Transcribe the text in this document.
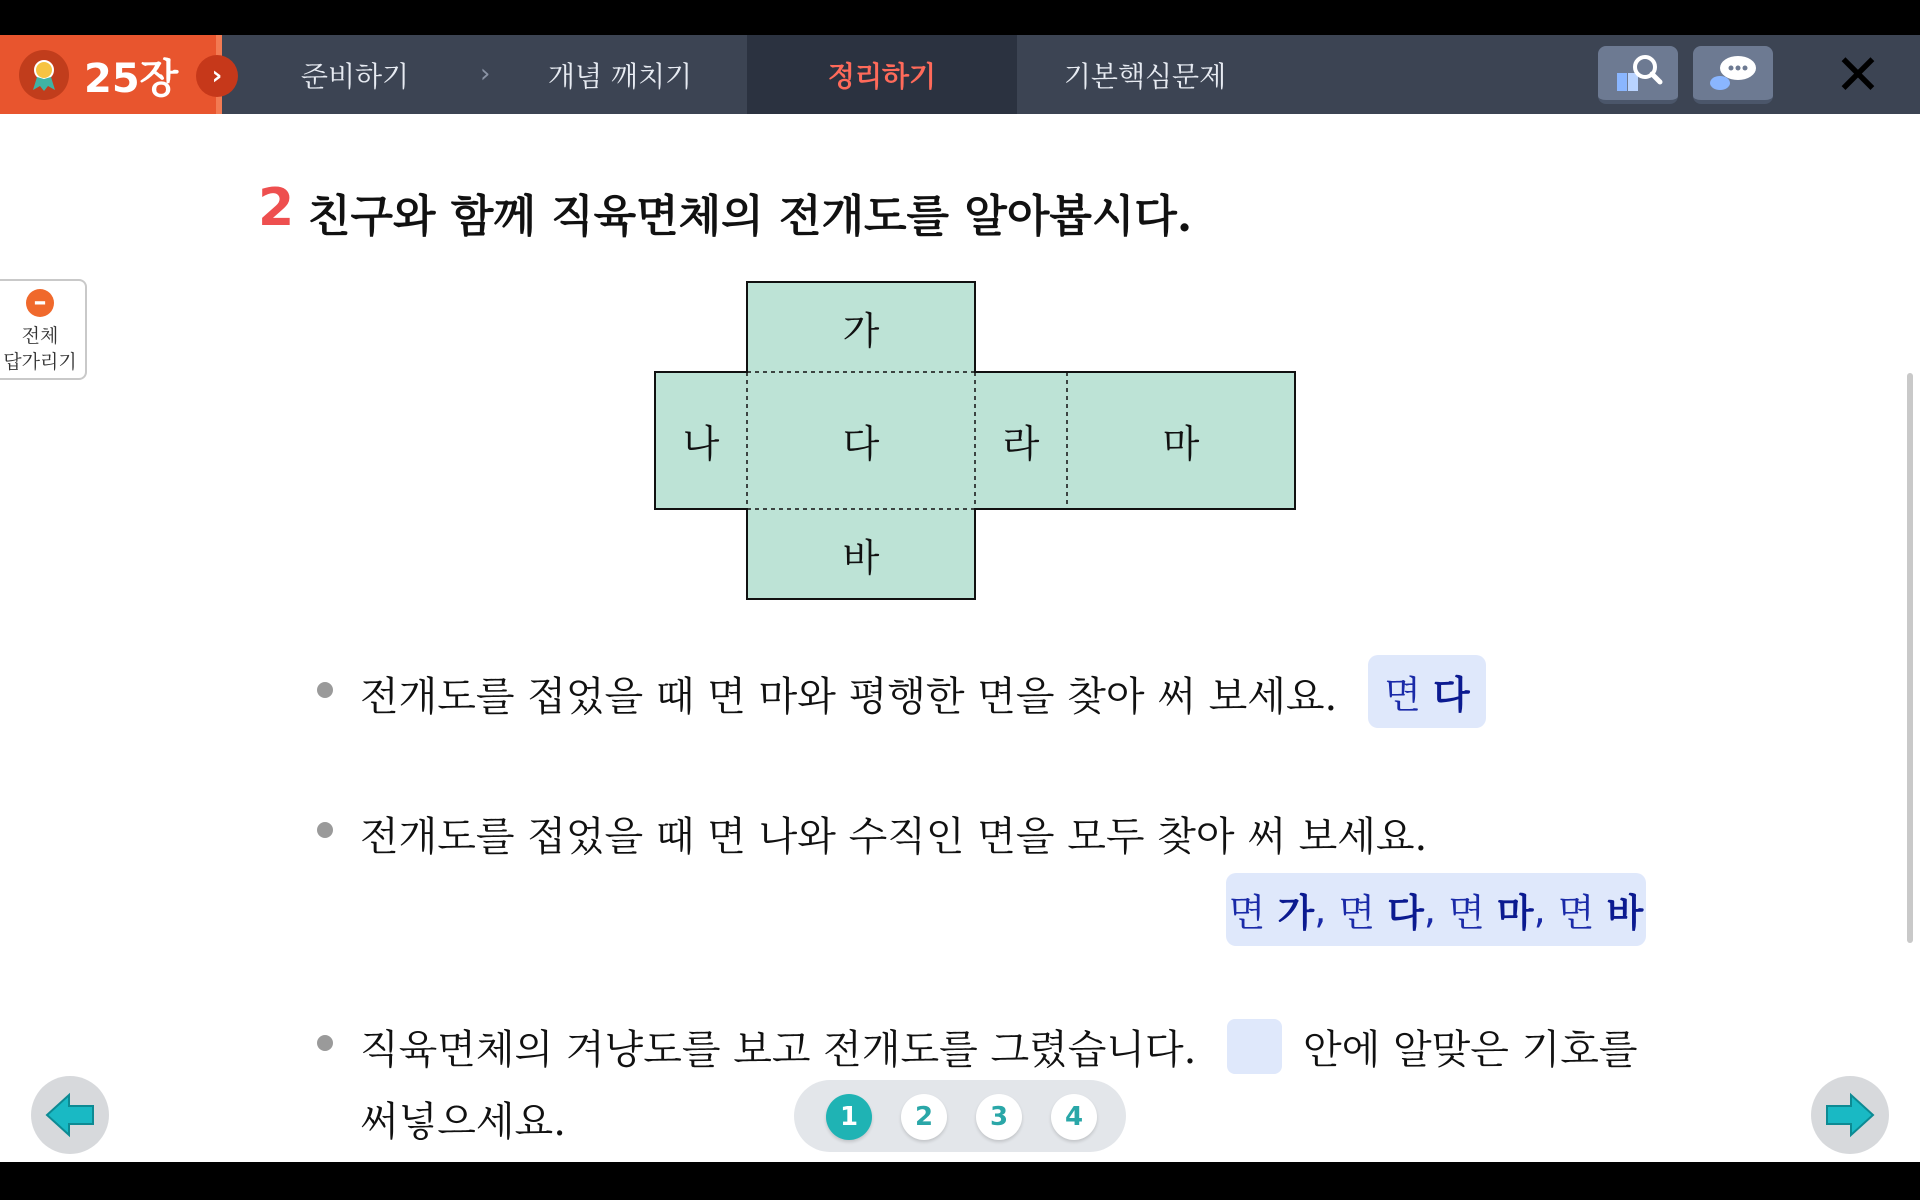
25장	›	준비하기	›	개념 깨치기	정리하기	기본핵심문제	✕
–
전체
답가리기
2 친구와 함께 직육면체의 전개도를 알아봅시다.
가
나	다	라	마
바
전개도를 접었을 때 면 마와 평행한 면을 찾아 써 보세요. 면
다
전개도를 접었을 때 면 나와 수직인 면을 모두 찾아 써 보세요.
면
가 , 면
다 , 면
마 , 면
바
직육면체의 겨냥도를 보고 전개도를 그렸습니다.	안에 알맞은 기호를
써넣으세요.	1	2	3	4
